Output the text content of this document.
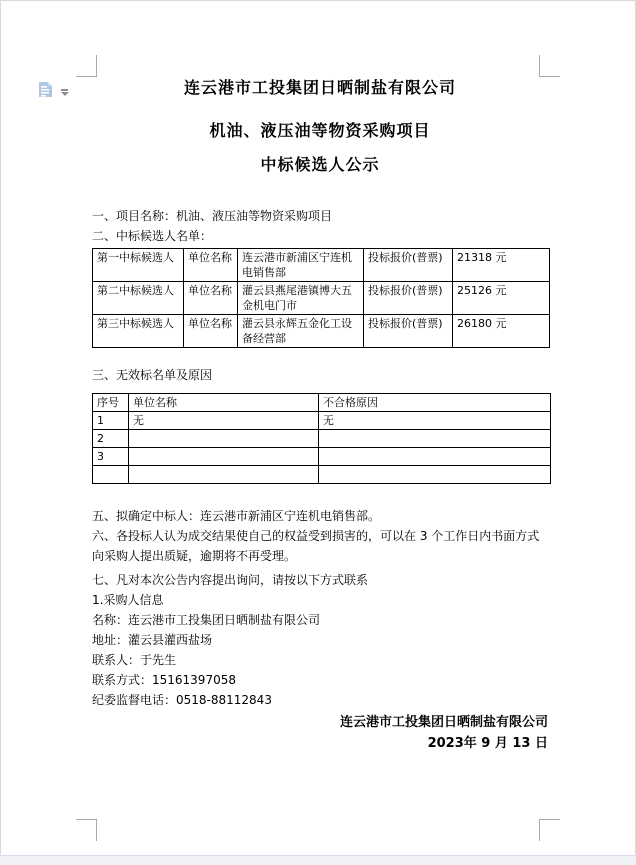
连云港市工投集团日晒制盐有限公司

机油、液压油等物资采购项目

中标候选人公示

一、项目名称：机油、液压油等物资采购项目

二、中标候选人名单：

第一中标候选人	单位名称	连云港市新浦区宁连机电销售部	投标报价(普票)	21318 元
第二中标候选人	单位名称	灌云县燕尾港镇博大五金机电门市	投标报价(普票)	25126 元
第三中标候选人	单位名称	灌云县永辉五金化工设备经营部	投标报价(普票)	26180 元

三、无效标名单及原因

序号	单位名称	不合格原因
1	无	无
2		
3		

五、拟确定中标人：连云港市新浦区宁连机电销售部。

六、各投标人认为成交结果使自己的权益受到损害的，可以在 3 个工作日内书面方式向采购人提出质疑，逾期将不再受理。

七、凡对本次公告内容提出询问，请按以下方式联系

1.采购人信息

名称：连云港市工投集团日晒制盐有限公司

地址：灌云县灌西盐场

联系人：于先生

联系方式：15161397058

纪委监督电话：0518-88112843

连云港市工投集团日晒制盐有限公司

2023年 9 月 13 日
